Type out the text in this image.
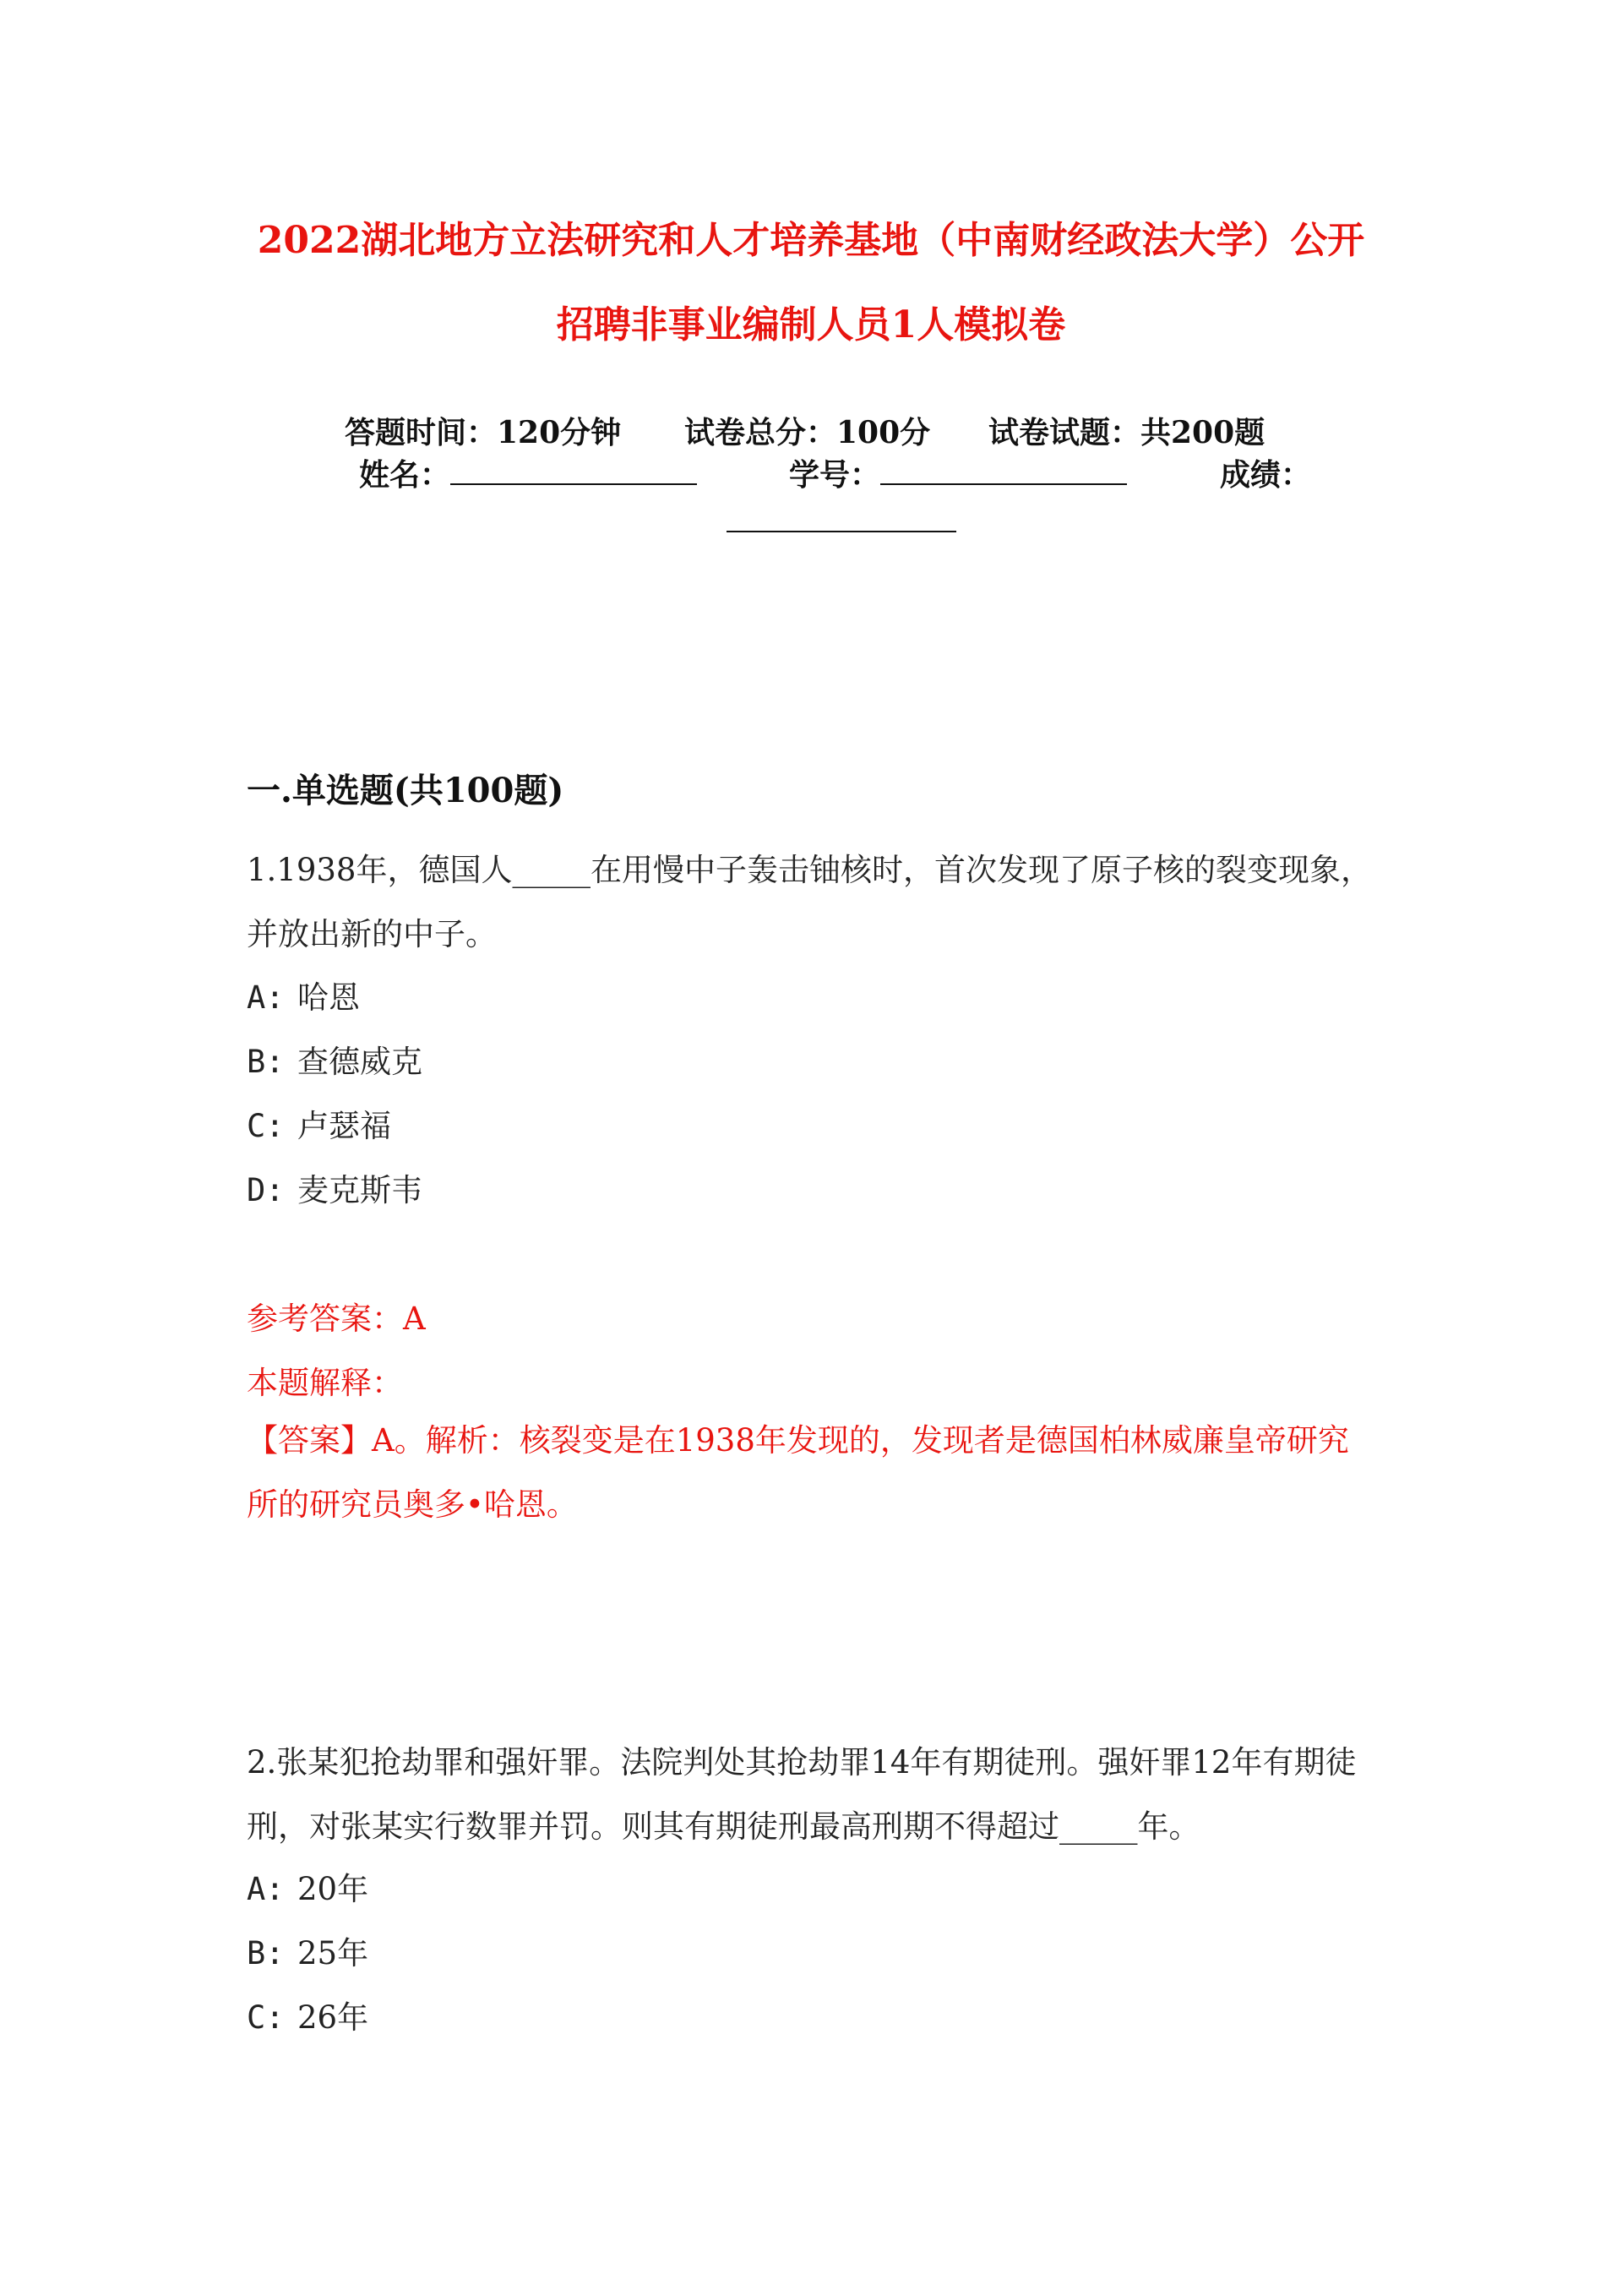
2022湖北地方立法研究和人才培养基地（中南财经政法大学）公开
招聘非事业编制人员1人模拟卷
答题时间：120分钟 试卷总分：100分 试卷试题：共200题
姓名：	学号：	成绩：
一.单选题(共100题)
1.1938年，德国人_____在用慢中子轰击铀核时，首次发现了原子核的裂变现象，并放出新的中子。
A: 哈恩
B: 查德威克
C: 卢瑟福
D: 麦克斯韦
参考答案：A
本题解释：
【答案】A。解析：核裂变是在1938年发现的，发现者是德国柏林威廉皇帝研究所的研究员奥多•哈恩。
2.张某犯抢劫罪和强奸罪。法院判处其抢劫罪14年有期徒刑。强奸罪12年有期徒刑，对张某实行数罪并罚。则其有期徒刑最高刑期不得超过_____年。
A: 20年
B: 25年
C: 26年
